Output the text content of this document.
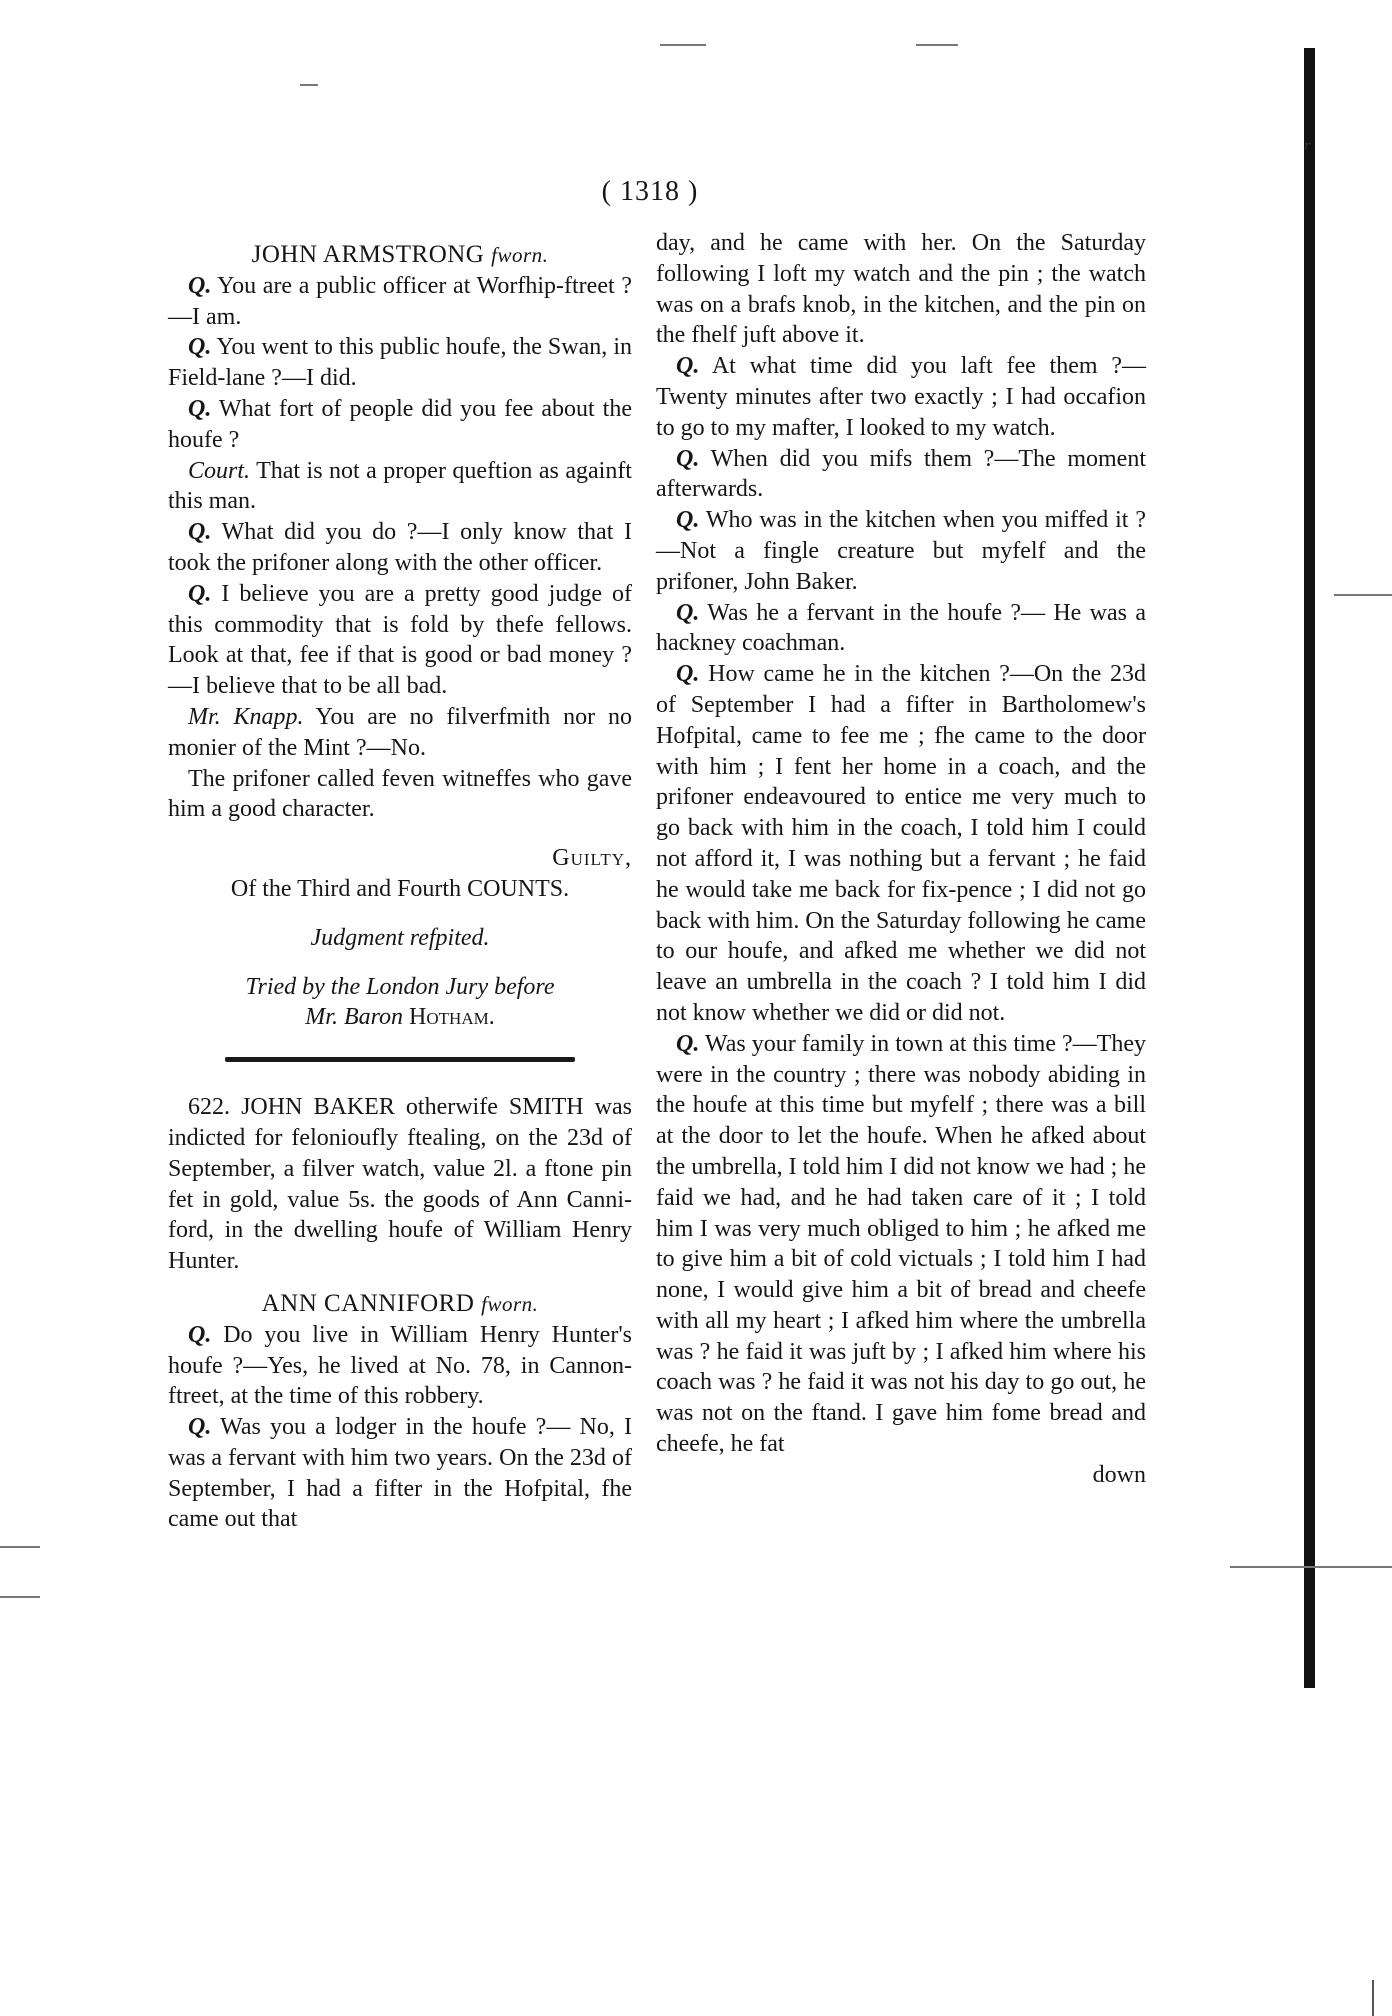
ʳ
( 1318 )

JOHN ARMSTRONG fworn.

Q. You are a public officer at Worfhip-ftreet ?—I am.

Q. You went to this public houfe, the Swan, in Field-lane ?—I did.

Q. What fort of people did you fee about the houfe ?

Court. That is not a proper queftion as againft this man.

Q. What did you do ?—I only know that I took the prifoner along with the other officer.

Q. I believe you are a pretty good judge of this commodity that is fold by thefe fellows. Look at that, fee if that is good or bad money ?—I believe that to be all bad.

Mr. Knapp. You are no filverfmith nor no monier of the Mint ?—No.

The prifoner called feven witneffes who gave him a good character.

Guilty,

Of the Third and Fourth COUNTS.

Judgment refpited.

Tried by the London Jury before

Mr. Baron Hotham.

622. JOHN BAKER otherwife SMITH was indicted for felonioufly ftealing, on the 23d of September, a filver watch, value 2l. a ftone pin fet in gold, value 5s. the goods of Ann Canniford, in the dwelling houfe of William Henry Hunter.

ANN CANNIFORD fworn.

Q. Do you live in William Henry Hunter's houfe ?—Yes, he lived at No. 78, in Cannon-ftreet, at the time of this robbery.

Q. Was you a lodger in the houfe ?— No, I was a fervant with him two years. On the 23d of September, I had a fifter in the Hofpital, fhe came out that

day, and he came with her. On the Saturday following I loft my watch and the pin ; the watch was on a brafs knob, in the kitchen, and the pin on the fhelf juft above it.

Q. At what time did you laft fee them ?— Twenty minutes after two exactly ; I had occafion to go to my mafter, I looked to my watch.

Q. When did you mifs them ?—The moment afterwards.

Q. Who was in the kitchen when you miffed it ?—Not a fingle creature but myfelf and the prifoner, John Baker.

Q. Was he a fervant in the houfe ?— He was a hackney coachman.

Q. How came he in the kitchen ?—On the 23d of September I had a fifter in Bartholomew's Hofpital, came to fee me ; fhe came to the door with him ; I fent her home in a coach, and the prifoner endeavoured to entice me very much to go back with him in the coach, I told him I could not afford it, I was nothing but a fervant ; he faid he would take me back for fix-pence ; I did not go back with him. On the Saturday following he came to our houfe, and afked me whether we did not leave an umbrella in the coach ? I told him I did not know whether we did or did not.

Q. Was your family in town at this time ?—They were in the country ; there was nobody abiding in the houfe at this time but myfelf ; there was a bill at the door to let the houfe. When he afked about the umbrella, I told him I did not know we had ; he faid we had, and he had taken care of it ; I told him I was very much obliged to him ; he afked me to give him a bit of cold victuals ; I told him I had none, I would give him a bit of bread and cheefe with all my heart ; I afked him where the umbrella was ? he faid it was juft by ; I afked him where his coach was ? he faid it was not his day to go out, he was not on the ftand. I gave him fome bread and cheefe, he fat

down
